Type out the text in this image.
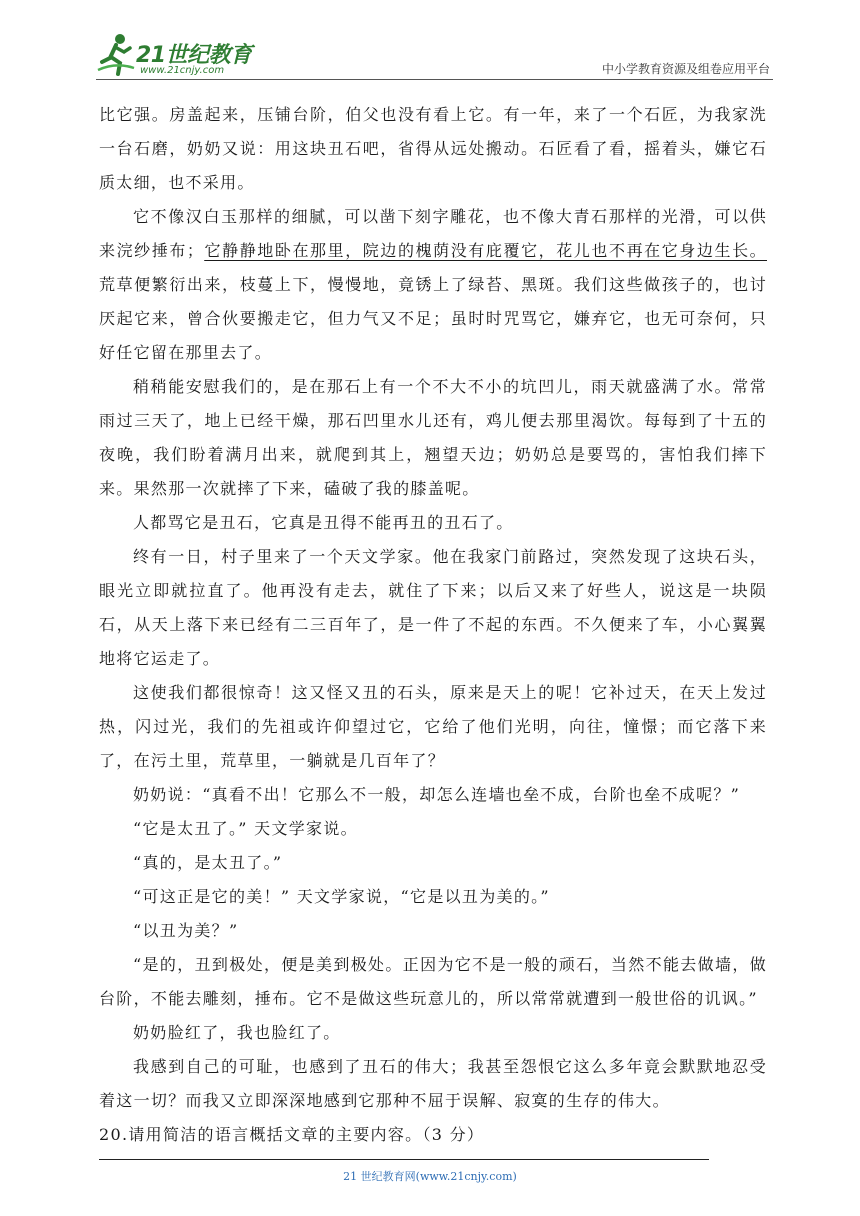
21世纪教育
www.21cnjy.com	中小学教育资源及组卷应用平台

比它强。房盖起来，压铺台阶，伯父也没有看上它。有一年，来了一个石匠，为我家洗一台石磨，奶奶又说：用这块丑石吧，省得从远处搬动。石匠看了看，摇着头，嫌它石质太细，也不采用。

它不像汉白玉那样的细腻，可以凿下刻字雕花，也不像大青石那样的光滑，可以供来浣纱捶布；它静静地卧在那里，院边的槐荫没有庇覆它，花儿也不再在它身边生长。荒草便繁衍出来，枝蔓上下，慢慢地，竟锈上了绿苔、黑斑。我们这些做孩子的，也讨厌起它来，曾合伙要搬走它，但力气又不足；虽时时咒骂它，嫌弃它，也无可奈何，只好任它留在那里去了。

稍稍能安慰我们的，是在那石上有一个不大不小的坑凹儿，雨天就盛满了水。常常雨过三天了，地上已经干燥，那石凹里水儿还有，鸡儿便去那里渴饮。每每到了十五的夜晚，我们盼着满月出来，就爬到其上，翘望天边；奶奶总是要骂的，害怕我们摔下来。果然那一次就摔了下来，磕破了我的膝盖呢。

人都骂它是丑石，它真是丑得不能再丑的丑石了。

终有一日，村子里来了一个天文学家。他在我家门前路过，突然发现了这块石头，眼光立即就拉直了。他再没有走去，就住了下来；以后又来了好些人，说这是一块陨石，从天上落下来已经有二三百年了，是一件了不起的东西。不久便来了车，小心翼翼地将它运走了。

这使我们都很惊奇！这又怪又丑的石头，原来是天上的呢！它补过天，在天上发过热，闪过光，我们的先祖或许仰望过它，它给了他们光明，向往，憧憬；而它落下来了，在污土里，荒草里，一躺就是几百年了？

奶奶说：“真看不出！它那么不一般，却怎么连墙也垒不成，台阶也垒不成呢？”

“它是太丑了。” 天文学家说。

“真的，是太丑了。”

“可这正是它的美！” 天文学家说，“它是以丑为美的。”

“以丑为美？”

“是的，丑到极处，便是美到极处。正因为它不是一般的顽石，当然不能去做墙，做台阶，不能去雕刻，捶布。它不是做这些玩意儿的，所以常常就遭到一般世俗的讥讽。”

奶奶脸红了，我也脸红了。

我感到自己的可耻，也感到了丑石的伟大；我甚至怨恨它这么多年竟会默默地忍受着这一切？而我又立即深深地感到它那种不屈于误解、寂寞的生存的伟大。

20.请用简洁的语言概括文章的主要内容。（3 分）

21 世纪教育网(www.21cnjy.com)
